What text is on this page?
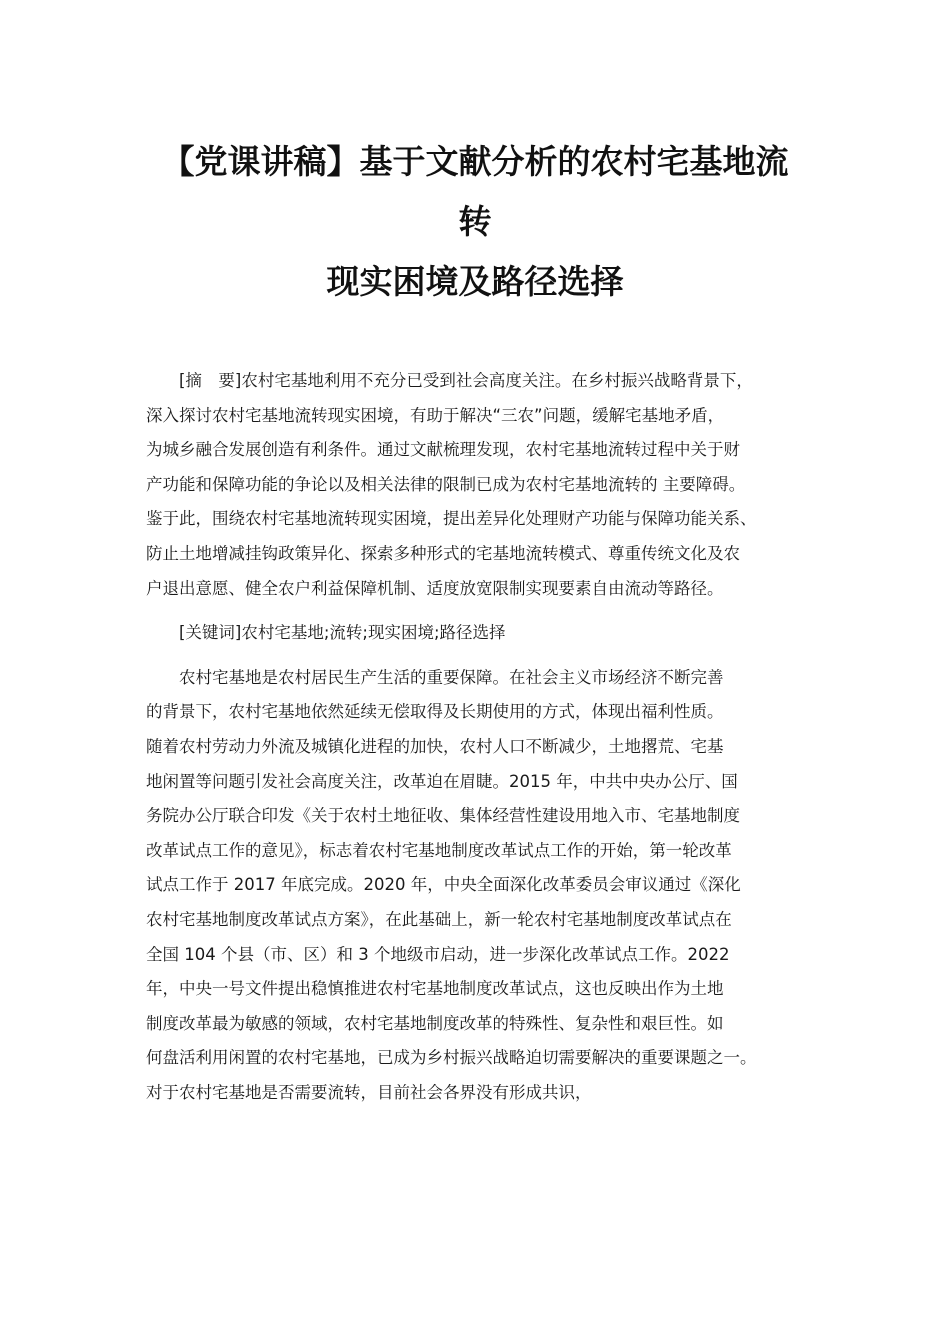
【党课讲稿】基于文献分析的农村宅基地流
转
现实困境及路径选择
[摘　要]农村宅基地利用不充分已受到社会高度关注。在乡村振兴战略背景下，
深入探讨农村宅基地流转现实困境，有助于解决“三农”问题，缓解宅基地矛盾，
为城乡融合发展创造有利条件。通过文献梳理发现，农村宅基地流转过程中关于财
产功能和保障功能的争论以及相关法律的限制已成为农村宅基地流转的 主要障碍。
鉴于此，围绕农村宅基地流转现实困境，提出差异化处理财产功能与保障功能关系、
防止土地增减挂钩政策异化、探索多种形式的宅基地流转模式、尊重传统文化及农
户退出意愿、健全农户利益保障机制、适度放宽限制实现要素自由流动等路径。
[关键词]农村宅基地;流转;现实困境;路径选择
农村宅基地是农村居民生产生活的重要保障。在社会主义市场经济不断完善
的背景下，农村宅基地依然延续无偿取得及长期使用的方式，体现出福利性质。
随着农村劳动力外流及城镇化进程的加快，农村人口不断减少，土地撂荒、宅基
地闲置等问题引发社会高度关注，改革迫在眉睫。2015 年，中共中央办公厅、国
务院办公厅联合印发《关于农村土地征收、集体经营性建设用地入市、宅基地制度
改革试点工作的意见》，标志着农村宅基地制度改革试点工作的开始，第一轮改革
试点工作于 2017 年底完成。2020 年，中央全面深化改革委员会审议通过《深化
农村宅基地制度改革试点方案》，在此基础上，新一轮农村宅基地制度改革试点在
全国 104 个县（市、区）和 3 个地级市启动，进一步深化改革试点工作。2022
年，中央一号文件提出稳慎推进农村宅基地制度改革试点，这也反映出作为土地
制度改革最为敏感的领域，农村宅基地制度改革的特殊性、复杂性和艰巨性。如
何盘活利用闲置的农村宅基地，已成为乡村振兴战略迫切需要解决的重要课题之一。
对于农村宅基地是否需要流转，目前社会各界没有形成共识，
